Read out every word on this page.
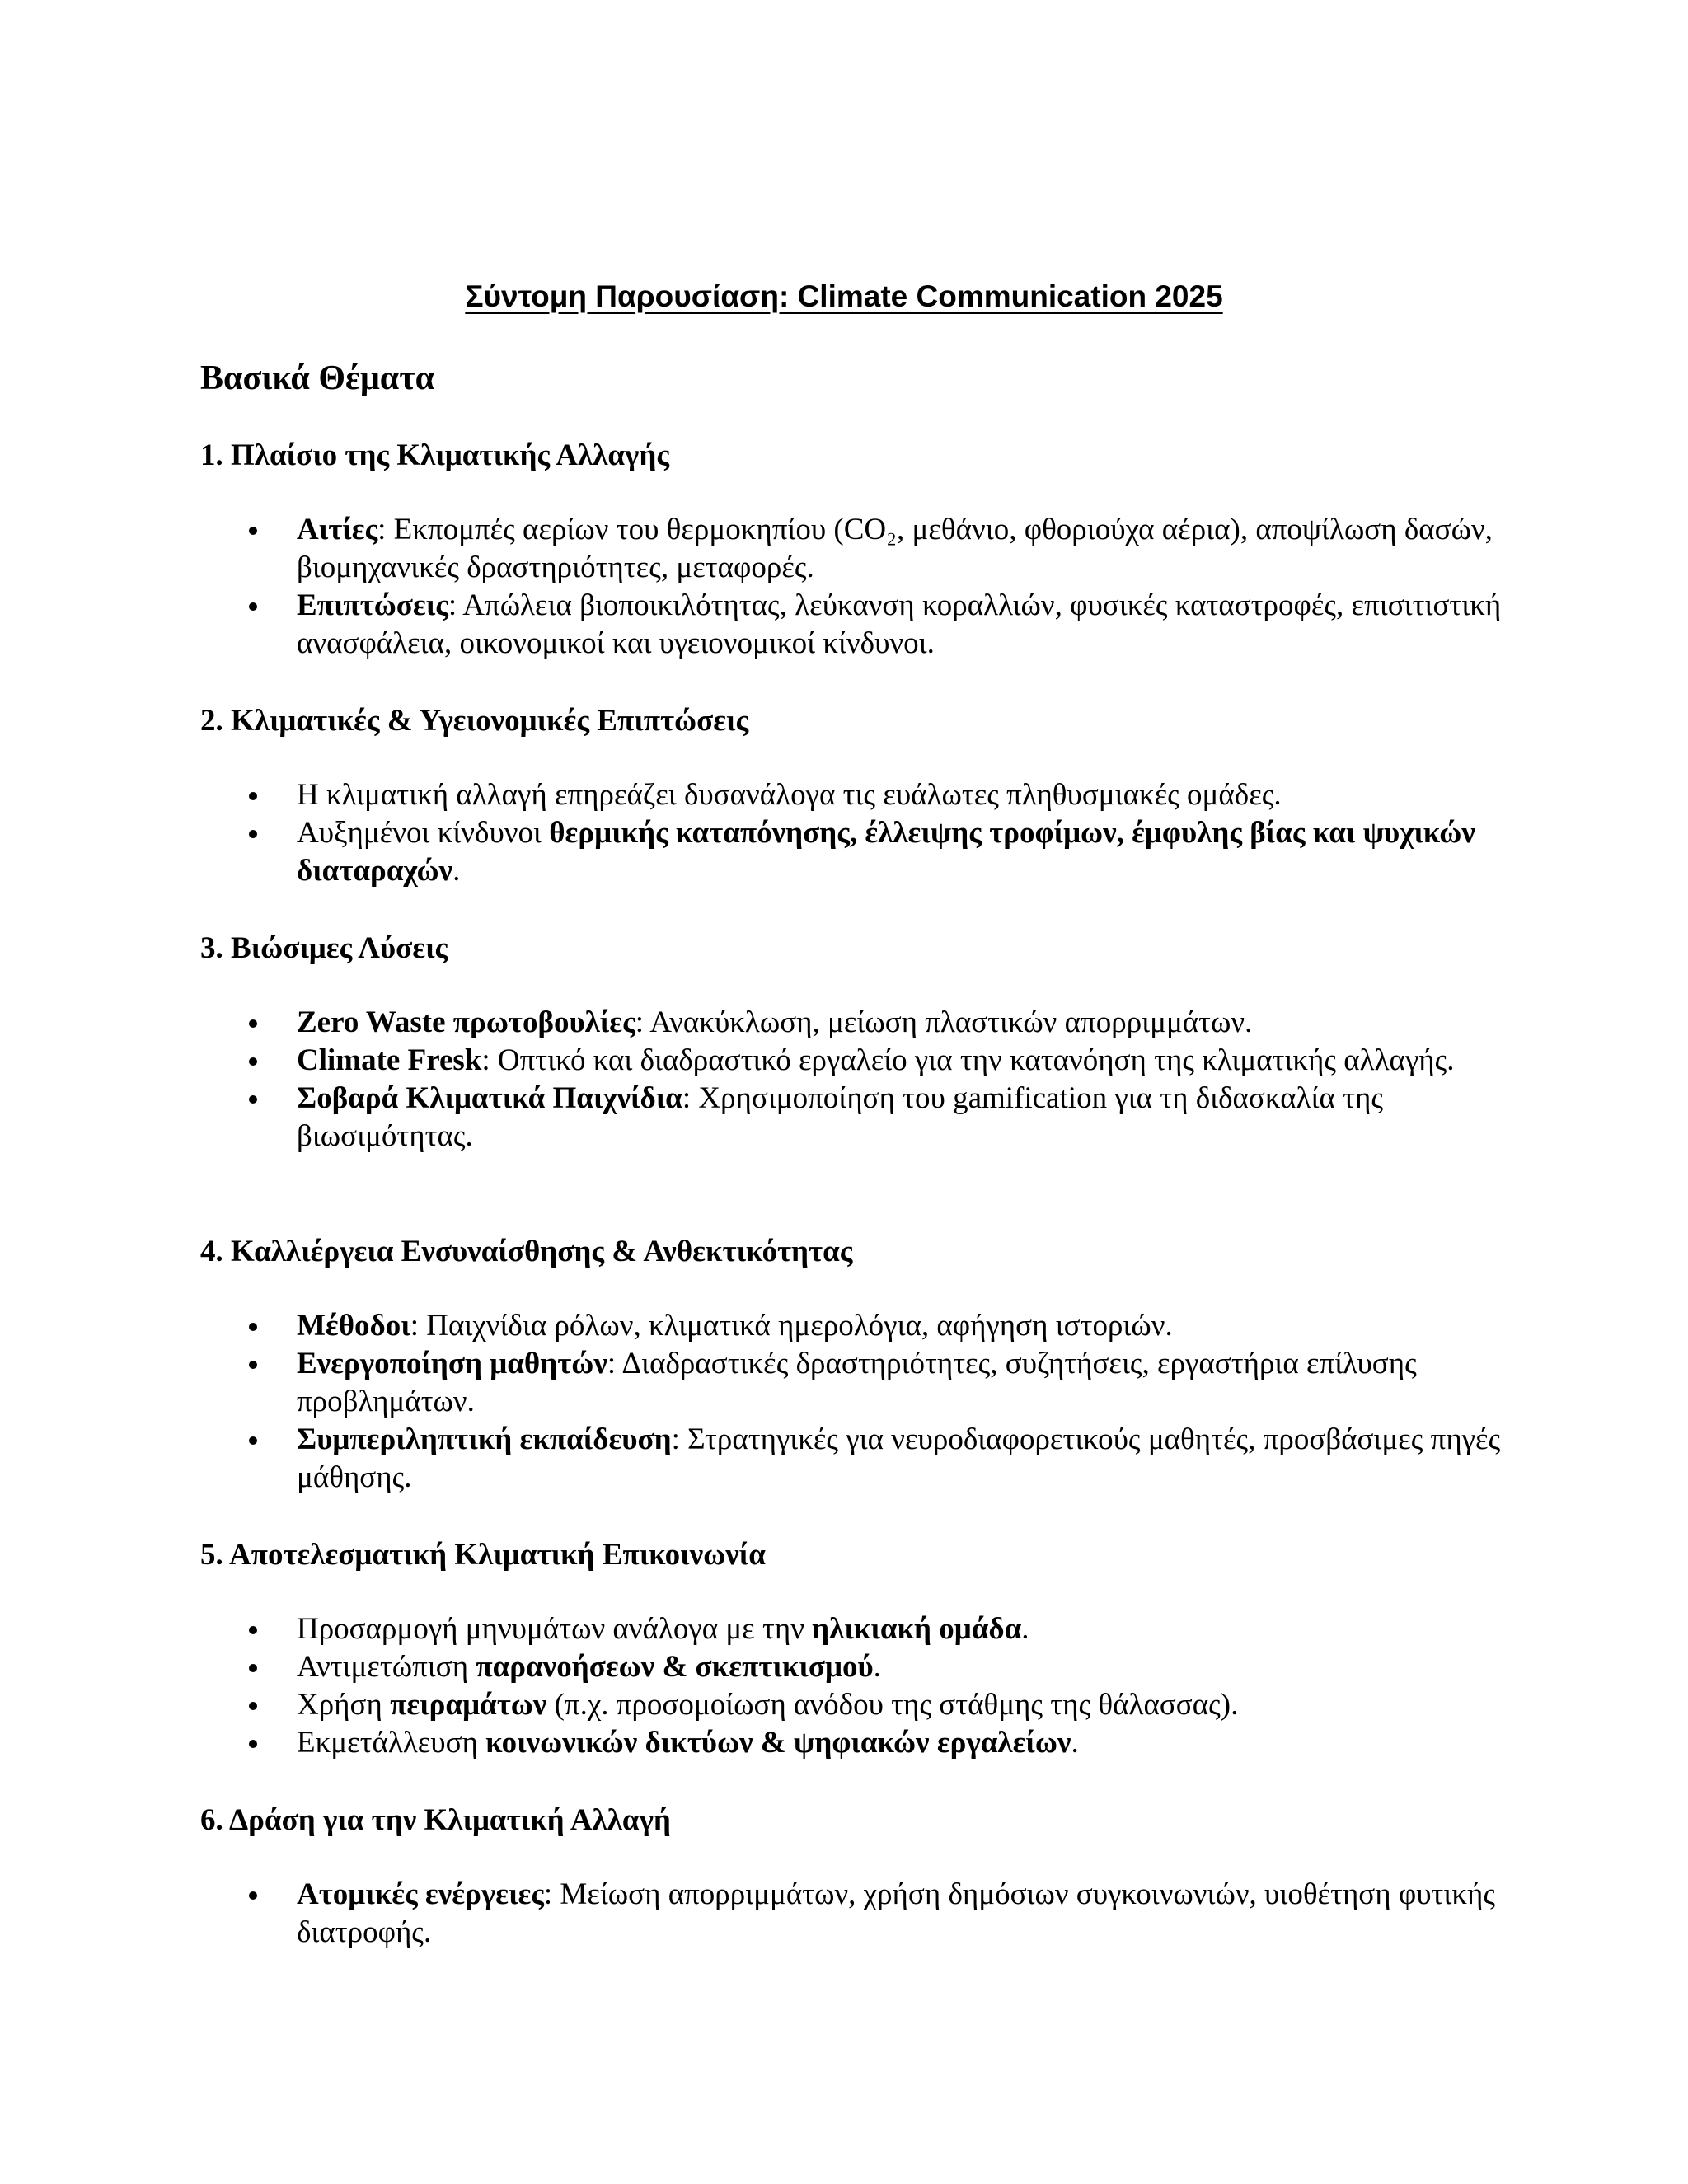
Σύντομη Παρουσίαση: Climate Communication 2025
Βασικά Θέματα
1. Πλαίσιο της Κλιματικής Αλλαγής
Αιτίες: Εκπομπές αερίων του θερμοκηπίου (CO₂, μεθάνιο, φθοριούχα αέρια), αποψίλωση δασών, βιομηχανικές δραστηριότητες, μεταφορές.
Επιπτώσεις: Απώλεια βιοποικιλότητας, λεύκανση κοραλλιών, φυσικές καταστροφές, επισιτιστική ανασφάλεια, οικονομικοί και υγειονομικοί κίνδυνοι.
2. Κλιματικές & Υγειονομικές Επιπτώσεις
Η κλιματική αλλαγή επηρεάζει δυσανάλογα τις ευάλωτες πληθυσμιακές ομάδες.
Αυξημένοι κίνδυνοι θερμικής καταπόνησης, έλλειψης τροφίμων, έμφυλης βίας και ψυχικών διαταραχών.
3. Βιώσιμες Λύσεις
Zero Waste πρωτοβουλίες: Ανακύκλωση, μείωση πλαστικών απορριμμάτων.
Climate Fresk: Οπτικό και διαδραστικό εργαλείο για την κατανόηση της κλιματικής αλλαγής.
Σοβαρά Κλιματικά Παιχνίδια: Χρησιμοποίηση του gamification για τη διδασκαλία της βιωσιμότητας.
4. Καλλιέργεια Ενσυναίσθησης & Ανθεκτικότητας
Μέθοδοι: Παιχνίδια ρόλων, κλιματικά ημερολόγια, αφήγηση ιστοριών.
Ενεργοποίηση μαθητών: Διαδραστικές δραστηριότητες, συζητήσεις, εργαστήρια επίλυσης προβλημάτων.
Συμπεριληπτική εκπαίδευση: Στρατηγικές για νευροδιαφορετικούς μαθητές, προσβάσιμες πηγές μάθησης.
5. Αποτελεσματική Κλιματική Επικοινωνία
Προσαρμογή μηνυμάτων ανάλογα με την ηλικιακή ομάδα.
Αντιμετώπιση παρανοήσεων & σκεπτικισμού.
Χρήση πειραμάτων (π.χ. προσομοίωση ανόδου της στάθμης της θάλασσας).
Εκμετάλλευση κοινωνικών δικτύων & ψηφιακών εργαλείων.
6. Δράση για την Κλιματική Αλλαγή
Ατομικές ενέργειες: Μείωση απορριμμάτων, χρήση δημόσιων συγκοινωνιών, υιοθέτηση φυτικής διατροφής.
